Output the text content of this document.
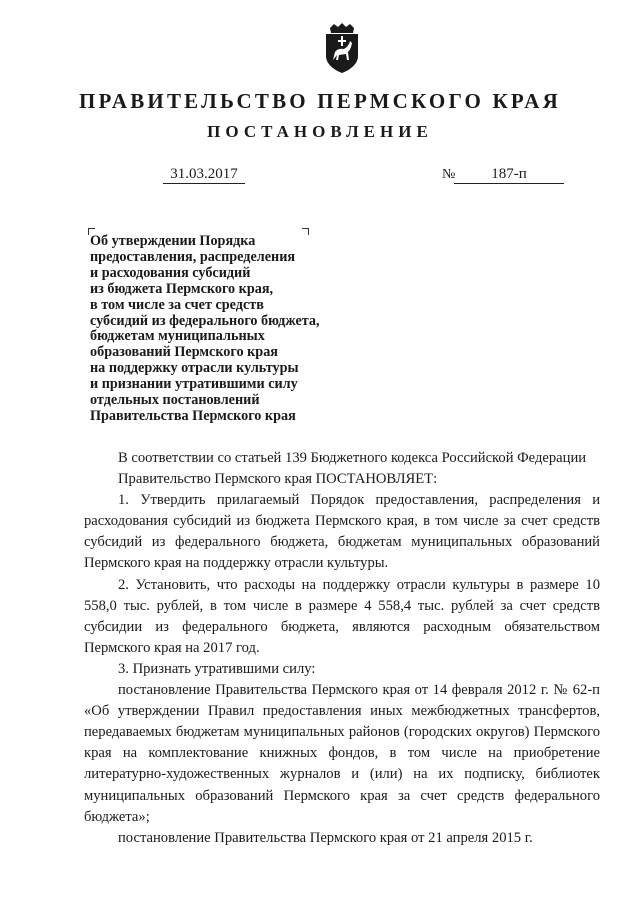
ПРАВИТЕЛЬСТВО ПЕРМСКОГО КРАЯ
ПОСТАНОВЛЕНИЕ
31.03.2017	№ 187-п
Об утверждении Порядка
предоставления, распределения
и расходования субсидий
из бюджета Пермского края,
в том числе за счет средств
субсидий из федерального бюджета,
бюджетам муниципальных
образований Пермского края
на поддержку отрасли культуры
и признании утратившими силу
отдельных постановлений
Правительства Пермского края

В соответствии со статьей 139 Бюджетного кодекса Российской Федерации

Правительство Пермского края ПОСТАНОВЛЯЕТ:

1. Утвердить прилагаемый Порядок предоставления, распределения и расходования субсидий из бюджета Пермского края, в том числе за счет средств субсидий из федерального бюджета, бюджетам муниципальных образований Пермского края на поддержку отрасли культуры.

2. Установить, что расходы на поддержку отрасли культуры в размере 10 558,0 тыс. рублей, в том числе в размере 4 558,4 тыс. рублей за счет средств субсидии из федерального бюджета, являются расходным обязательством Пермского края на 2017 год.

3. Признать утратившими силу:

постановление Правительства Пермского края от 14 февраля 2012 г. № 62-п «Об утверждении Правил предоставления иных межбюджетных трансфертов, передаваемых бюджетам муниципальных районов (городских округов) Пермского края на комплектование книжных фондов, в том числе на приобретение литературно-художественных журналов и (или) на их подписку, библиотек муниципальных образований Пермского края за счет средств федерального бюджета»;

постановление Правительства Пермского края от 21 апреля 2015 г.
